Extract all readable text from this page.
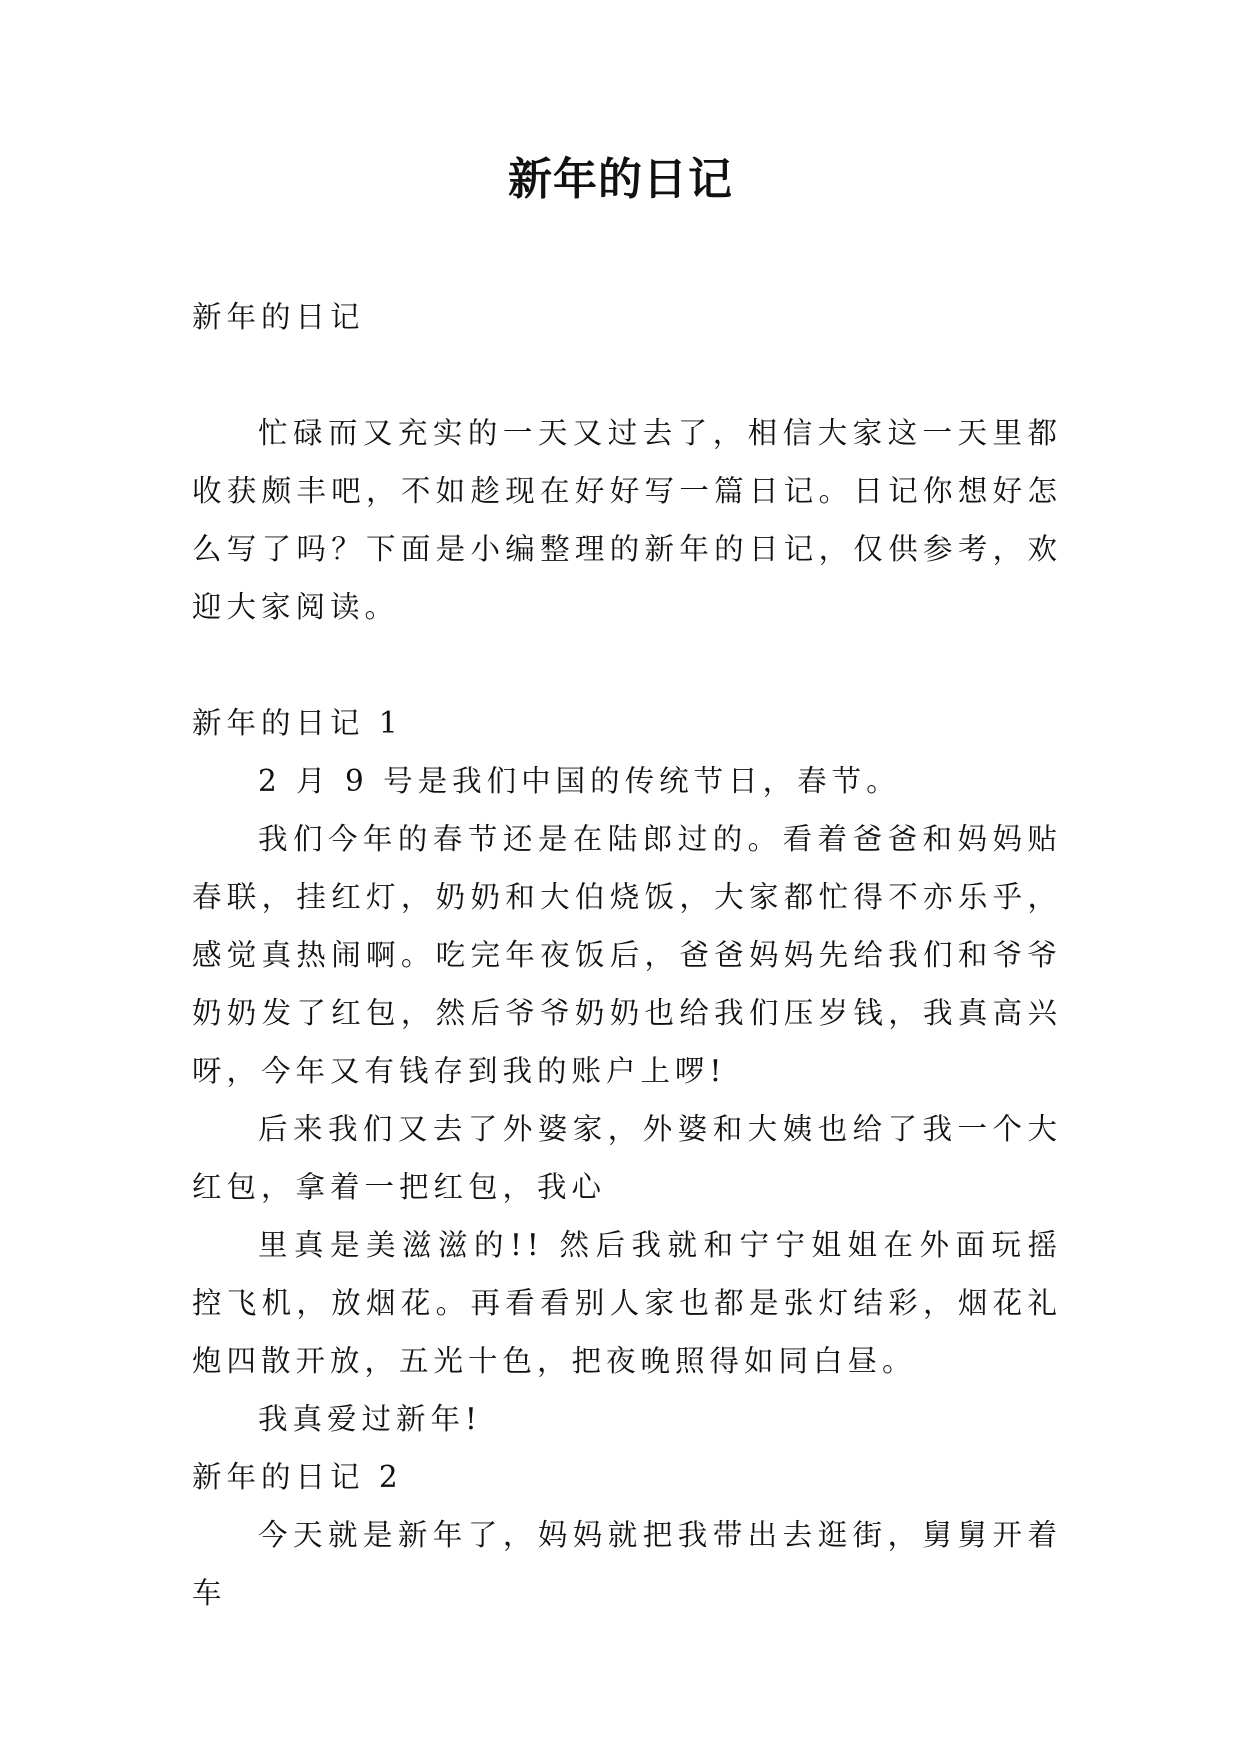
新年的日记

新年的日记

忙碌而又充实的一天又过去了，相信大家这一天里都收获颇丰吧，不如趁现在好好写一篇日记。日记你想好怎么写了吗？下面是小编整理的新年的日记，仅供参考，欢迎大家阅读。

新年的日记 1

2 月 9 号是我们中国的传统节日，春节。

我们今年的春节还是在陆郎过的。看着爸爸和妈妈贴春联，挂红灯，奶奶和大伯烧饭，大家都忙得不亦乐乎，感觉真热闹啊。吃完年夜饭后，爸爸妈妈先给我们和爷爷奶奶发了红包，然后爷爷奶奶也给我们压岁钱，我真高兴呀，今年又有钱存到我的账户上啰!

后来我们又去了外婆家，外婆和大姨也给了我一个大红包，拿着一把红包，我心

里真是美滋滋的!! 然后我就和宁宁姐姐在外面玩摇控飞机，放烟花。再看看别人家也都是张灯结彩，烟花礼炮四散开放，五光十色，把夜晚照得如同白昼。

我真爱过新年!

新年的日记 2

今天就是新年了，妈妈就把我带出去逛街，舅舅开着车
